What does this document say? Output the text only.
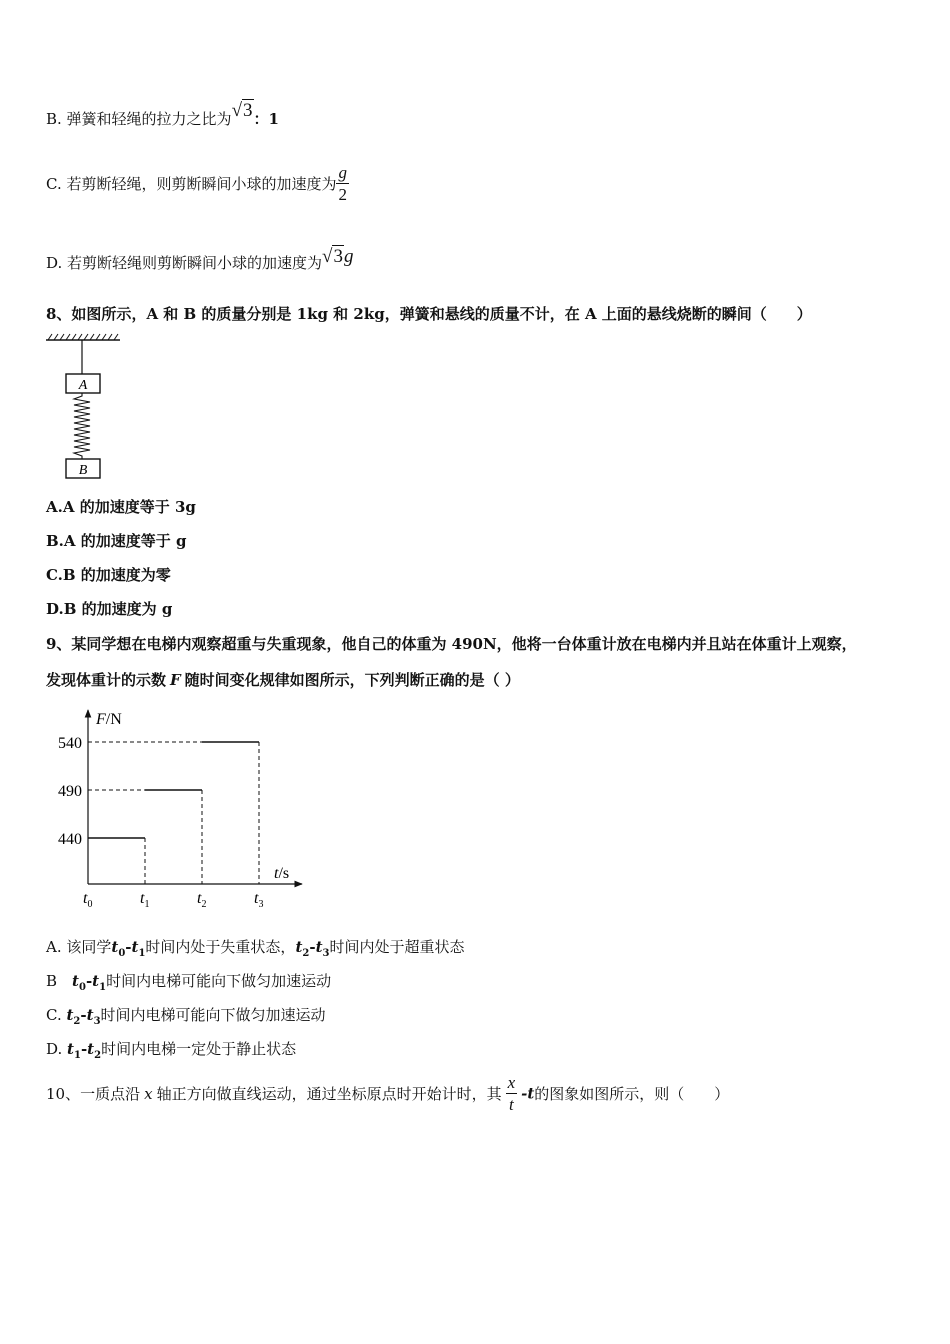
B. 弹簧和轻绳的拉力之比为√3：1
C. 若剪断轻绳，则剪断瞬间小球的加速度为 $\frac{g}{2}$
D. 若剪断轻绳则剪断瞬间小球的加速度为√3g
8、如图所示，A 和 B 的质量分别是 1kg 和 2kg，弹簧和悬线的质量不计，在 A 上面的悬线烧断的瞬间（　　）
A
B
A.A 的加速度等于 3g
B.A 的加速度等于 g
C.B 的加速度为零
D.B 的加速度为 g
9、某同学想在电梯内观察超重与失重现象，他自己的体重为 490N，他将一台体重计放在电梯内并且站在体重计上观察，
发现体重计的示数 F 随时间变化规律如图所示，下列判断正确的是（ ）
F/N
t/s
440
490
540
$t_0$	$t_1$	$t_2$	$t_3$
A. 该同学$t_0-t_1$时间内处于失重状态，$t_2-t_3$时间内处于超重状态
B　$t_0-t_1$时间内电梯可能向下做匀加速运动
C. $t_2-t_3$时间内电梯可能向下做匀加速运动
D. $t_1-t_2$时间内电梯一定处于静止状态
10、一质点沿 x 轴正方向做直线运动，通过坐标原点时开始计时，其 $\frac{x}{t} -t$的图象如图所示，则（　　）
